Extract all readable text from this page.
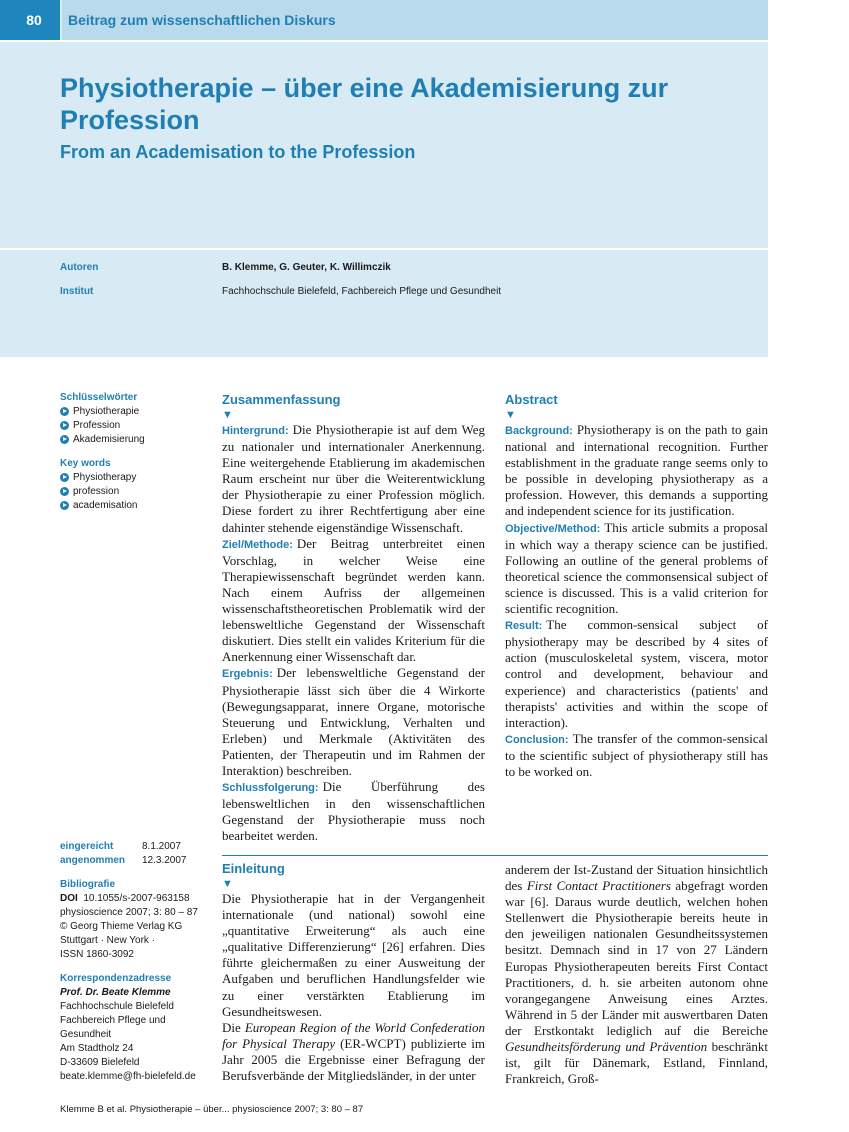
80	Beitrag zum wissenschaftlichen Diskurs
Physiotherapie – über eine Akademisierung zur Profession
From an Academisation to the Profession
Autoren	B. Klemme, G. Geuter, K. Willimczik
Institut	Fachhochschule Bielefeld, Fachbereich Pflege und Gesundheit
Schlüsselwörter
Physiotherapie
Profession
Akademisierung
Key words
Physiotherapy
profession
academisation
eingereicht	8.1.2007
angenommen 12.3.2007
Bibliografie
DOI 10.1055/s-2007-963158
physioscience 2007; 3: 80 – 87
© Georg Thieme Verlag KG
Stuttgart · New York ·
ISSN 1860-3092
Korrespondenzadresse
Prof. Dr. Beate Klemme
Fachhochschule Bielefeld
Fachbereich Pflege und
Gesundheit
Am Stadtholz 24
D-33609 Bielefeld
beate.klemme@fh-bielefeld.de
Zusammenfassung
▼

Hintergrund: Die Physiotherapie ist auf dem Weg zu nationaler und internationaler Anerkennung. Eine weitergehende Etablierung im akademischen Raum erscheint nur über die Weiterentwicklung der Physiotherapie zu einer Profession möglich. Diese fordert zu ihrer Rechtfertigung aber eine dahinter stehende eigenständige Wissenschaft.

Ziel/Methode: Der Beitrag unterbreitet einen Vorschlag, in welcher Weise eine Therapiewissenschaft begründet werden kann. Nach einem Aufriss der allgemeinen wissenschaftstheoretischen Problematik wird der lebensweltliche Gegenstand der Wissenschaft diskutiert. Dies stellt ein valides Kriterium für die Anerkennung einer Wissenschaft dar.

Ergebnis: Der lebensweltliche Gegenstand der Physiotherapie lässt sich über die 4 Wirkorte (Bewegungsapparat, innere Organe, motorische Steuerung und Entwicklung, Verhalten und Erleben) und Merkmale (Aktivitäten des Patienten, der Therapeutin und im Rahmen der Interaktion) beschreiben.

Schlussfolgerung: Die Überführung des lebensweltlichen in den wissenschaftlichen Gegenstand der Physiotherapie muss noch bearbeitet werden.

Abstract
▼

Background: Physiotherapy is on the path to gain national and international recognition. Further establishment in the graduate range seems only to be possible in developing physiotherapy as a profession. However, this demands a supporting and independent science for its justification.

Objective/Method: This article submits a proposal in which way a therapy science can be justified. Following an outline of the general problems of theoretical science the commonsensical subject of science is discussed. This is a valid criterion for scientific recognition.

Result: The common-sensical subject of physiotherapy may be described by 4 sites of action (musculoskeletal system, viscera, motor control and development, behaviour and experience) and characteristics (patients' and therapists' activities and within the scope of interaction).

Conclusion: The transfer of the common-sensical to the scientific subject of physiotherapy still has to be worked on.

Einleitung
▼

Die Physiotherapie hat in der Vergangenheit internationale (und national) sowohl eine „quantitative Erweiterung“ als auch eine „qualitative Differenzierung“ [26] erfahren. Dies führte gleichermaßen zu einer Ausweitung der Aufgaben und beruflichen Handlungsfelder wie zu einer verstärkten Etablierung im Gesundheitswesen.

Die European Region of the World Confederation for Physical Therapy (ER-WCPT) publizierte im Jahr 2005 die Ergebnisse einer Befragung der Berufsverbände der Mitgliedsländer, in der unter

anderem der Ist-Zustand der Situation hinsichtlich des First Contact Practitioners abgefragt worden war [6]. Daraus wurde deutlich, welchen hohen Stellenwert die Physiotherapie bereits heute in den jeweiligen nationalen Gesundheitssystemen besitzt. Demnach sind in 17 von 27 Ländern Europas Physiotherapeuten bereits First Contact Practitioners, d. h. sie arbeiten autonom ohne vorangegangene Anweisung eines Arztes. Während in 5 der Länder mit auswertbaren Daten der Erstkontakt lediglich auf die Bereiche Gesundheitsförderung und Prävention beschränkt ist, gilt für Dänemark, Estland, Finnland, Frankreich, Groß-

Klemme B et al. Physiotherapie – über... physioscience 2007; 3: 80 – 87
